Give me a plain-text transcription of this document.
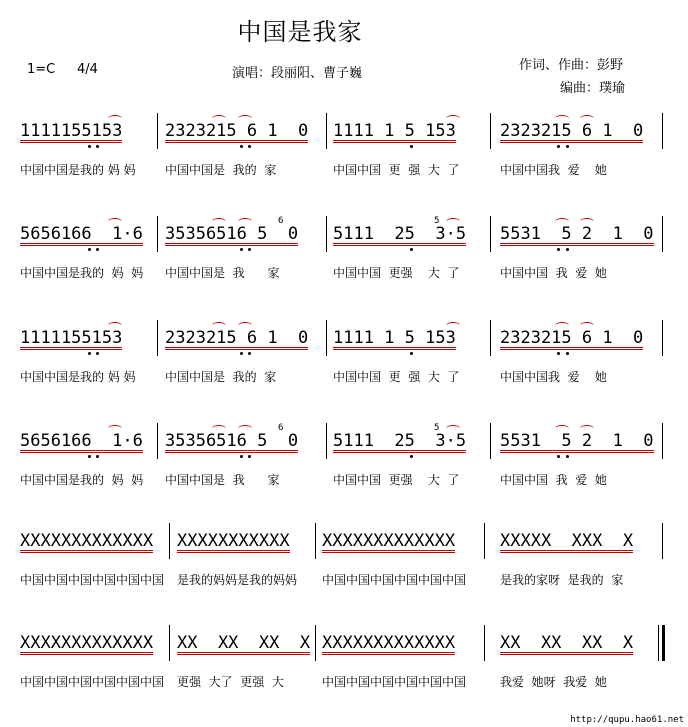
中国是我家
1=C 4/4	演唱：段丽阳、曹子巍
作词、作曲：彭野
编曲：璞瑜
1111155153	2323215 6 1  0 1111 1 5 153	2323215 6 1  0
中国中国是我的 妈 妈 中国中国是  我的  家	中国中国  更  强  大  了	中国中国我  爱    她
5656166  1·6 35356516 5  0 5111  25  3·5 5531  5 2  1  0
中国中国是我的  妈  妈 中国中国是  我      家	中国中国  更强    大  了	中国中国  我  爱  她
6	5
1111155153	2323215 6 1  0 1111 1 5 153	2323215 6 1  0
中国中国是我的 妈 妈 中国中国是  我的  家	中国中国  更  强  大  了	中国中国我  爱    她
5656166  1·6 35356516 5  0 5111  25  3·5 5531  5 2  1  0
中国中国是我的  妈  妈 中国中国是  我      家	中国中国  更强    大  了	中国中国  我  爱  她
6	5
XXXXXXXXXXXXX XXXXXXXXXXX XXXXXXXXXXXXX	XXXXX  XXX  X
中国中国中国中国中国中国 是我的妈妈是我的妈妈 中国中国中国中国中国中国	是我的家呀  是我的  家
XXXXXXXXXXXXX XX  XX  XX  X XXXXXXXXXXXXX	XX  XX  XX  X
中国中国中国中国中国中国 更强  大了  更强  大	中国中国中国中国中国中国	我爱  她呀  我爱  她
http://qupu.hao61.net
